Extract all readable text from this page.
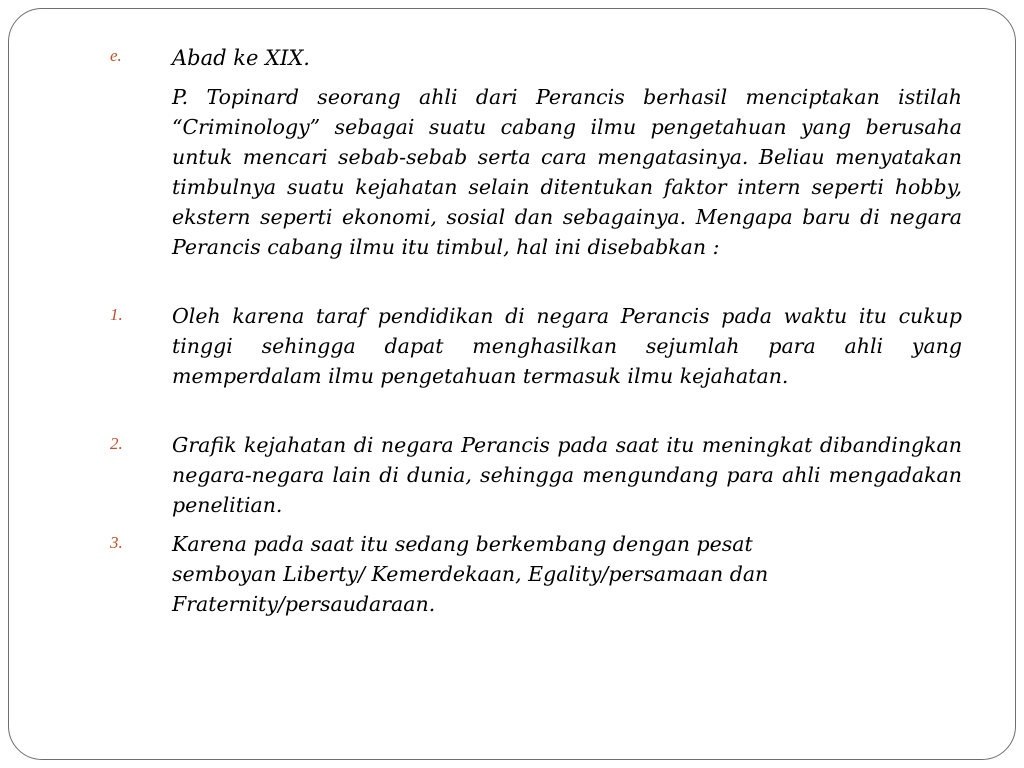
e. Abad ke XIX.

P. Topinard seorang ahli dari Perancis berhasil menciptakan istilah “Criminology” sebagai suatu cabang ilmu pengetahuan yang berusaha untuk mencari sebab-sebab serta cara mengatasinya. Beliau menyatakan timbulnya suatu kejahatan selain ditentukan faktor intern seperti hobby, ekstern seperti ekonomi, sosial dan sebagainya. Mengapa baru di negara Perancis cabang ilmu itu timbul, hal ini disebabkan :

1. Oleh karena taraf pendidikan di negara Perancis pada waktu itu cukup tinggi sehingga dapat menghasilkan sejumlah para ahli yang memperdalam ilmu pengetahuan termasuk ilmu kejahatan.

2. Grafik kejahatan di negara Perancis pada saat itu meningkat dibandingkan negara-negara lain di dunia, sehingga mengundang para ahli mengadakan penelitian.

3. Karena pada saat itu sedang berkembang dengan pesat
semboyan Liberty/ Kemerdekaan, Egality/persamaan dan
Fraternity/persaudaraan.
